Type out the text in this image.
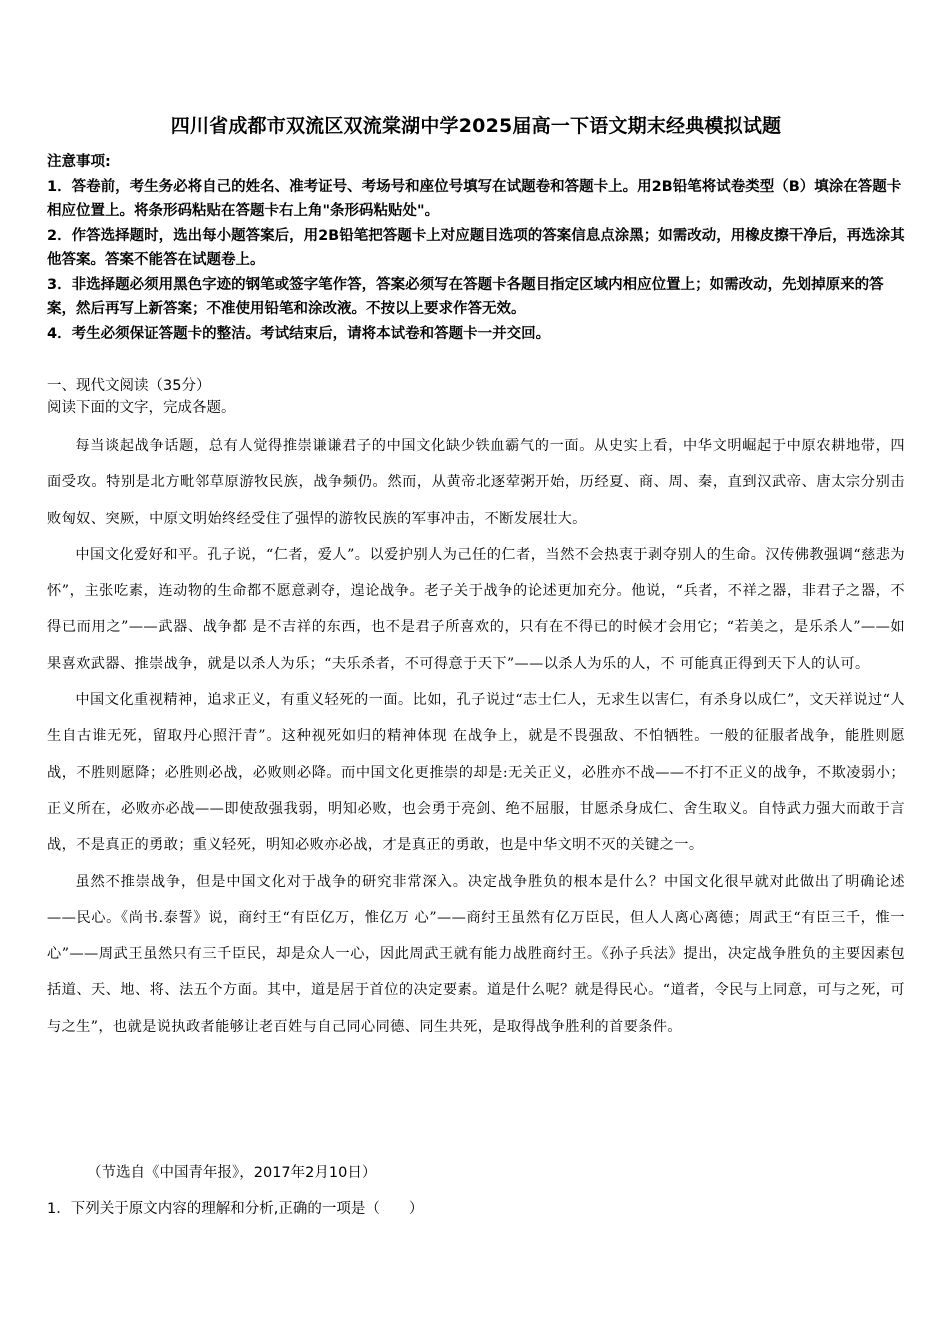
四川省成都市双流区双流棠湖中学2025届高一下语文期末经典模拟试题

注意事项:

1．答卷前，考生务必将自己的姓名、准考证号、考场号和座位号填写在试题卷和答题卡上。用2B铅笔将试卷类型（B）填涂在答题卡相应位置上。将条形码粘贴在答题卡右上角"条形码粘贴处"。

2．作答选择题时，选出每小题答案后，用2B铅笔把答题卡上对应题目选项的答案信息点涂黑；如需改动，用橡皮擦干净后，再选涂其他答案。答案不能答在试题卷上。

3．非选择题必须用黑色字迹的钢笔或签字笔作答，答案必须写在答题卡各题目指定区域内相应位置上；如需改动，先划掉原来的答案，然后再写上新答案；不准使用铅笔和涂改液。不按以上要求作答无效。

4．考生必须保证答题卡的整洁。考试结束后，请将本试卷和答题卡一并交回。

一、现代文阅读（35分）

阅读下面的文字，完成各题。

每当谈起战争话题，总有人觉得推崇谦谦君子的中国文化缺少铁血霸气的一面。从史实上看，中华文明崛起于中原农耕地带，四面受攻。特别是北方毗邻草原游牧民族，战争频仍。然而，从黄帝北逐荤粥开始，历经夏、商、周、秦，直到汉武帝、唐太宗分别击败匈奴、突厥，中原文明始终经受住了强悍的游牧民族的军事冲击，不断发展壮大。

中国文化爱好和平。孔子说，“仁者，爱人”。以爱护别人为己任的仁者，当然不会热衷于剥夺别人的生命。汉传佛教强调“慈悲为怀”，主张吃素，连动物的生命都不愿意剥夺，遑论战争。老子关于战争的论述更加充分。他说，“兵者，不祥之器，非君子之器，不得已而用之”——武器、战争都 是不吉祥的东西，也不是君子所喜欢的，只有在不得已的时候才会用它；“若美之，是乐杀人”——如果喜欢武器、推崇战争，就是以杀人为乐；“夫乐杀者，不可得意于天下”——以杀人为乐的人，不 可能真正得到天下人的认可。

中国文化重视精神，追求正义，有重义轻死的一面。比如，孔子说过“志士仁人，无求生以害仁，有杀身以成仁”，文天祥说过“人生自古谁无死，留取丹心照汗青”。这种视死如归的精神体现 在战争上，就是不畏强敌、不怕牺牲。一般的征服者战争，能胜则愿战，不胜则愿降；必胜则必战，必败则必降。而中国文化更推崇的却是:无关正义，必胜亦不战——不打不正义的战争，不欺凌弱小；正义所在，必败亦必战——即使敌强我弱，明知必败，也会勇于亮剑、绝不屈服，甘愿杀身成仁、舍生取义。自恃武力强大而敢于言战，不是真正的勇敢；重义轻死，明知必败亦必战，才是真正的勇敢，也是中华文明不灭的关键之一。

虽然不推崇战争，但是中国文化对于战争的研究非常深入。决定战争胜负的根本是什么？中国文化很早就对此做出了明确论述——民心。《尚书.泰誓》说，商纣王“有臣亿万，惟亿万 心”——商纣王虽然有亿万臣民，但人人离心离德；周武王“有臣三千，惟一心”——周武王虽然只有三千臣民，却是众人一心，因此周武王就有能力战胜商纣王。《孙子兵法》提出，决定战争胜负的主要因素包括道、天、地、将、法五个方面。其中，道是居于首位的决定要素。道是什么呢？就是得民心。“道者，令民与上同意，可与之死，可与之生”，也就是说执政者能够让老百姓与自己同心同德、同生共死，是取得战争胜利的首要条件。

（节选自《中国青年报》，2017年2月10日）

1．下列关于原文内容的理解和分析,正确的一项是（　　）
